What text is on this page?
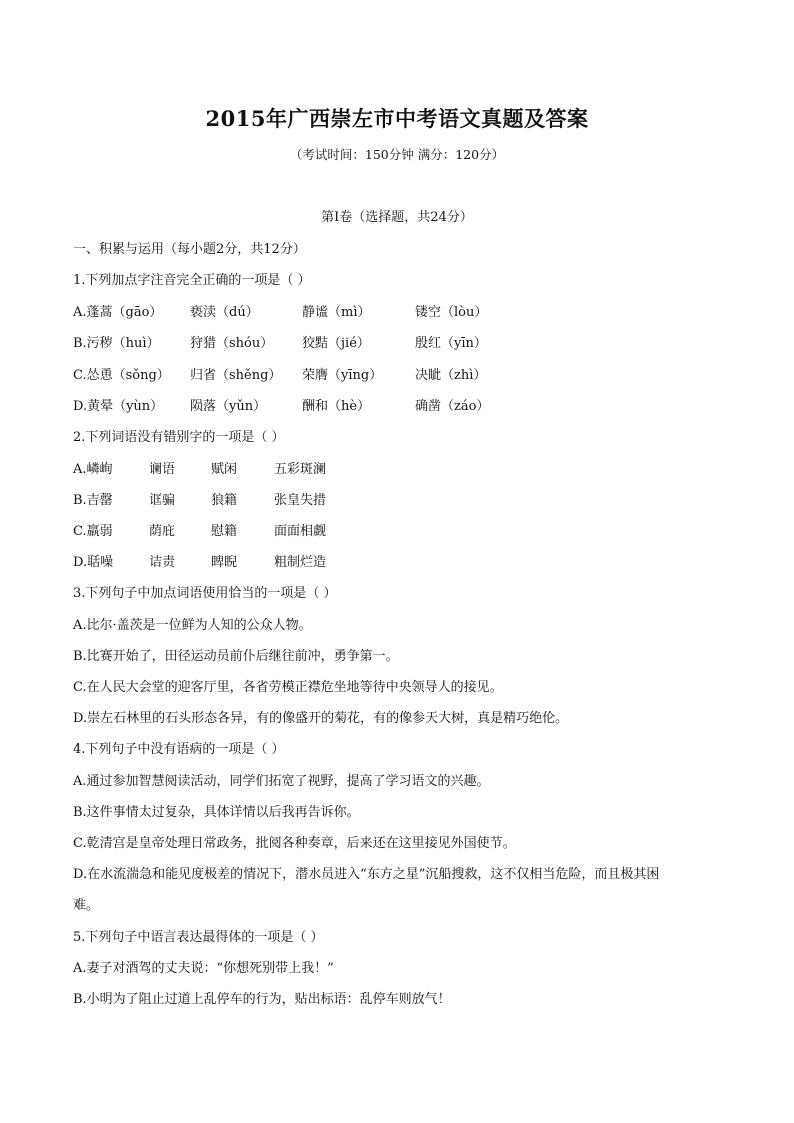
2015年广西崇左市中考语文真题及答案
（考试时间：150分钟 满分：120分）
第Ⅰ卷（选择题，共24分）
一、积累与运用（每小题2分，共12分）
1.下列加点字注音完全正确的一项是（ ）
A.蓬蒿（gāo） 亵渎（dú）	静谧（mì）	镂空（lòu）
B.污秽（huì） 狩猎（shóu） 狡黠（jié）	殷红（yīn）
C.怂恿（sǒng） 归省（shěng） 荣膺（yīng）	决眦（zhì）
D.黄晕（yùn） 陨落（yǔn）	酬和（hè）	确凿（záo）
2.下列词语没有错别字的一项是（ ）
A.嶙峋	谰语	赋闲	五彩斑澜
B.吉罄	诓骗	狼籍	张皇失措
C.羸弱	荫庇	慰籍	面面相觑
D.聒噪	诘责	睥睨	粗制烂造
3.下列句子中加点词语使用恰当的一项是（ ）
A.比尔·盖茨是一位鲜为人知的公众人物。
B.比赛开始了，田径运动员前仆后继往前冲，勇争第一。
C.在人民大会堂的迎客厅里，各省劳模正襟危坐地等待中央领导人的接见。
D.崇左石林里的石头形态各异，有的像盛开的菊花，有的像参天大树，真是精巧绝伦。
4.下列句子中没有语病的一项是（ ）
A.通过参加智慧阅读活动，同学们拓宽了视野，提高了学习语文的兴趣。
B.这件事情太过复杂，具体详情以后我再告诉你。
C.乾清宫是皇帝处理日常政务，批阅各种奏章，后来还在这里接见外国使节。
D.在水流湍急和能见度极差的情况下，潜水员进入“东方之星”沉船搜救，这不仅相当危险，而且极其困
难。
5.下列句子中语言表达最得体的一项是（ ）
A.妻子对酒驾的丈夫说：“你想死别带上我！”
B.小明为了阻止过道上乱停车的行为，贴出标语：乱停车则放气！
